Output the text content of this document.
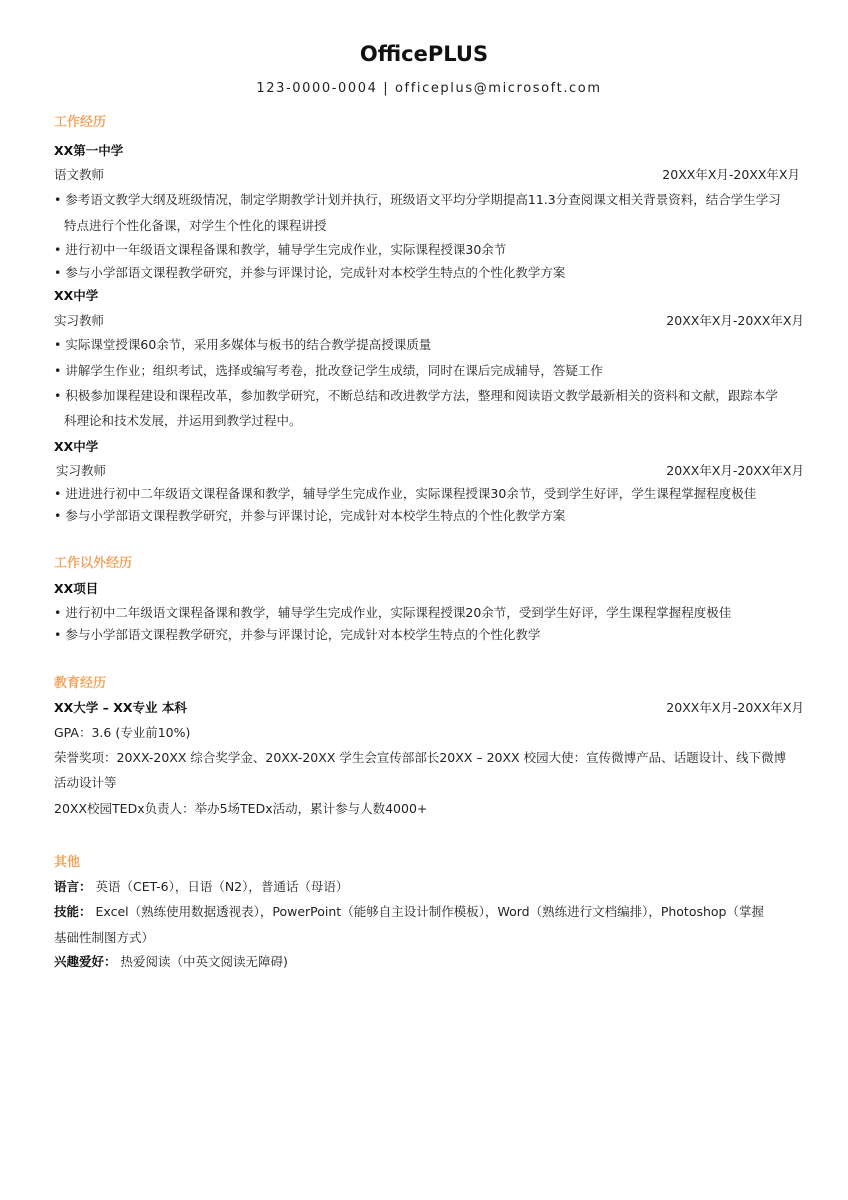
OfficePLUS
123-0000-0004 | officeplus@microsoft.com
工作经历
XX第一中学
语文教师	20XX年X月-20XX年X月
• 参考语文教学大纲及班级情况，制定学期教学计划并执行，班级语文平均分学期提高11.3分查阅课文相关背景资料，结合学生学习
特点进行个性化备课，对学生个性化的课程讲授
• 进行初中一年级语文课程备课和教学，辅导学生完成作业，实际课程授课30余节
• 参与小学部语文课程教学研究，并参与评课讨论，完成针对本校学生特点的个性化教学方案
XX中学
实习教师	20XX年X月-20XX年X月
• 实际课堂授课60余节，采用多媒体与板书的结合教学提高授课质量
• 讲解学生作业；组织考试，选择或编写考卷，批改登记学生成绩，同时在课后完成辅导，答疑工作
• 积极参加课程建设和课程改革，参加教学研究，不断总结和改进教学方法，整理和阅读语文教学最新相关的资料和文献，跟踪本学
科理论和技术发展，并运用到教学过程中。
XX中学
实习教师	20XX年X月-20XX年X月
• 进进进行初中二年级语文课程备课和教学，辅导学生完成作业，实际课程授课30余节，受到学生好评，学生课程掌握程度极佳
• 参与小学部语文课程教学研究，并参与评课讨论，完成针对本校学生特点的个性化教学方案
工作以外经历
XX项目
• 进行初中二年级语文课程备课和教学，辅导学生完成作业，实际课程授课20余节，受到学生好评，学生课程掌握程度极佳
• 参与小学部语文课程教学研究，并参与评课讨论，完成针对本校学生特点的个性化教学
教育经历
XX大学 – XX专业 本科	20XX年X月-20XX年X月
GPA：3.6 (专业前10%)
荣誉奖项：20XX-20XX 综合奖学金、20XX-20XX 学生会宣传部部长20XX – 20XX 校园大使：宣传微博产品、话题设计、线下微博
活动设计等
20XX校园TEDx负责人：举办5场TEDx活动，累计参与人数4000+
其他
语言： 英语（CET-6），日语（N2），普通话（母语）
技能： Excel（熟练使用数据透视表），PowerPoint（能够自主设计制作模板），Word（熟练进行文档编排），Photoshop（掌握
基础性制图方式）
兴趣爱好： 热爱阅读（中英文阅读无障碍)
